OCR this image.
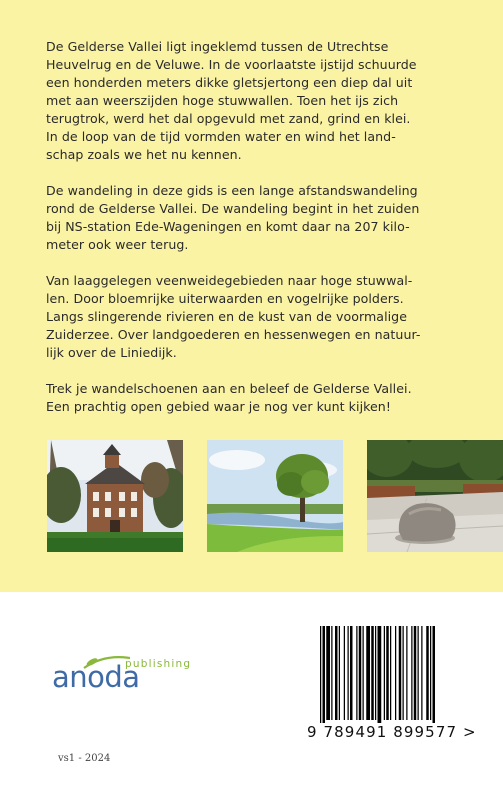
De Gelderse Vallei ligt ingeklemd tussen de Utrechtse
Heuvelrug en de Veluwe. In de voorlaatste ijstijd schuurde
een honderden meters dikke gletsjertong een diep dal uit
met aan weerszijden hoge stuwwallen. Toen het ijs zich
terugtrok, werd het dal opgevuld met zand, grind en klei.
In de loop van de tijd vormden water en wind het land-
schap zoals we het nu kennen.

De wandeling in deze gids is een lange afstandswandeling
rond de Gelderse Vallei. De wandeling begint in het zuiden
bij NS-station Ede-Wageningen en komt daar na 207 kilo-
meter ook weer terug.

Van laaggelegen veenweidegebieden naar hoge stuwwal-
len. Door bloemrijke uiterwaarden en vogelrijke polders.
Langs slingerende rivieren en de kust van de voormalige
Zuiderzee. Over landgoederen en hessenwegen en natuur-
lijk over de Liniedijk.

Trek je wandelschoenen aan en beleef de Gelderse Vallei.
Een prachtig open gebied waar je nog ver kunt kijken!

publishing
anoda
9 789491 899577 >
vs1 - 2024
